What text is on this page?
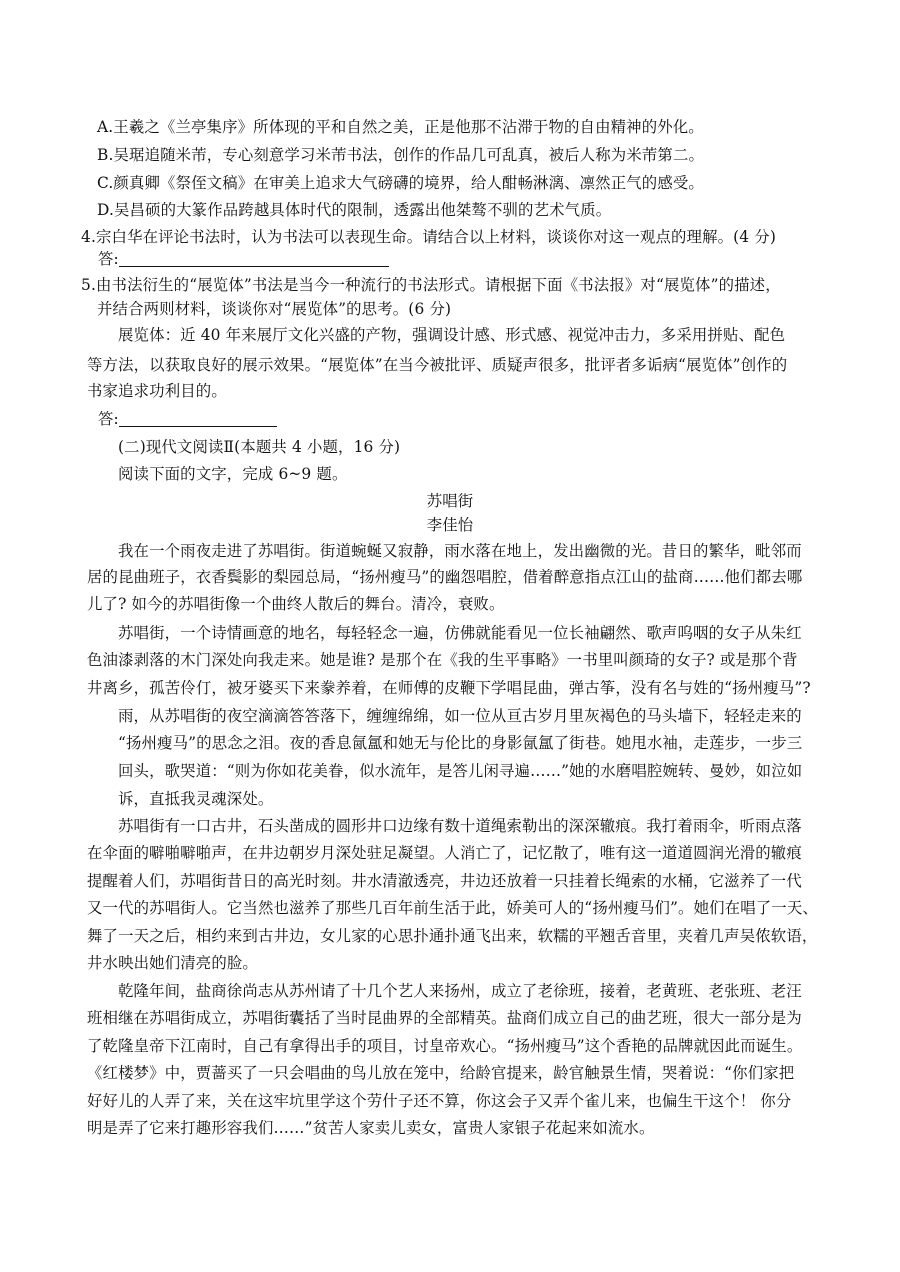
A.王羲之《兰亭集序》所体现的平和自然之美，正是他那不沾滞于物的自由精神的外化。
B.吴琚追随米芾，专心刻意学习米芾书法，创作的作品几可乱真，被后人称为米芾第二。
C.颜真卿《祭侄文稿》在审美上追求大气磅礴的境界，给人酣畅淋漓、凛然正气的感受。
D.吴昌硕的大篆作品跨越具体时代的限制，透露出他桀骜不驯的艺术气质。
4.宗白华在评论书法时，认为书法可以表现生命。请结合以上材料，谈谈你对这一观点的理解。(4 分)
答:
5.由书法衍生的“展览体”书法是当今一种流行的书法形式。请根据下面《书法报》对“展览体”的描述，
并结合两则材料，谈谈你对“展览体”的思考。(6 分)
展览体：近 40 年来展厅文化兴盛的产物，强调设计感、形式感、视觉冲击力，多采用拼贴、配色
等方法，以获取良好的展示效果。“展览体”在当今被批评、质疑声很多，批评者多诟病“展览体”创作的
书家追求功利目的。
答:
(二)现代文阅读Ⅱ(本题共 4 小题，16 分)
阅读下面的文字，完成 6~9 题。
苏唱街
李佳怡
我在一个雨夜走进了苏唱街。街道蜿蜒又寂静，雨水落在地上，发出幽微的光。昔日的繁华，毗邻而
居的昆曲班子，衣香鬓影的梨园总局，“扬州瘦马”的幽怨唱腔，借着醉意指点江山的盐商……他们都去哪
儿了? 如今的苏唱街像一个曲终人散后的舞台。清冷，衰败。
苏唱街，一个诗情画意的地名，每轻轻念一遍，仿佛就能看见一位长袖翩然、歌声呜咽的女子从朱红
色油漆剥落的木门深处向我走来。她是谁? 是那个在《我的生平事略》一书里叫颜琦的女子? 或是那个背
井离乡，孤苦伶仃，被牙婆买下来豢养着，在师傅的皮鞭下学唱昆曲，弹古筝，没有名与姓的“扬州瘦马”?
雨，从苏唱街的夜空滴滴答答落下，缠缠绵绵，如一位从亘古岁月里灰褐色的马头墙下，轻轻走来的
“扬州瘦马”的思念之泪。夜的香息氤氲和她无与伦比的身影氤氲了街巷。她甩水袖，走莲步，一步三
回头，歌哭道：“则为你如花美眷，似水流年，是答儿闲寻遍……”她的水磨唱腔婉转、曼妙，如泣如
诉，直抵我灵魂深处。
苏唱街有一口古井，石头凿成的圆形井口边缘有数十道绳索勒出的深深辙痕。我打着雨伞，听雨点落
在伞面的噼啪噼啪声，在井边朝岁月深处驻足凝望。人消亡了，记忆散了，唯有这一道道圆润光滑的辙痕
提醒着人们，苏唱街昔日的高光时刻。井水清澈透亮，井边还放着一只挂着长绳索的水桶，它滋养了一代
又一代的苏唱街人。它当然也滋养了那些几百年前生活于此，娇美可人的“扬州瘦马们”。她们在唱了一天、
舞了一天之后，相约来到古井边，女儿家的心思扑通扑通飞出来，软糯的平翘舌音里，夹着几声吴侬软语，
井水映出她们清亮的脸。
乾隆年间，盐商徐尚志从苏州请了十几个艺人来扬州，成立了老徐班，接着，老黄班、老张班、老汪
班相继在苏唱街成立，苏唱街囊括了当时昆曲界的全部精英。盐商们成立自己的曲艺班，很大一部分是为
了乾隆皇帝下江南时，自己有拿得出手的项目，讨皇帝欢心。“扬州瘦马”这个香艳的品牌就因此而诞生。
《红楼梦》中，贾蔷买了一只会唱曲的鸟儿放在笼中，给龄官提来，龄官触景生情，哭着说：“你们家把
好好儿的人弄了来，关在这牢坑里学这个劳什子还不算，你这会子又弄个雀儿来，也偏生干这个！ 你分
明是弄了它来打趣形容我们……”贫苦人家卖儿卖女，富贵人家银子花起来如流水。
